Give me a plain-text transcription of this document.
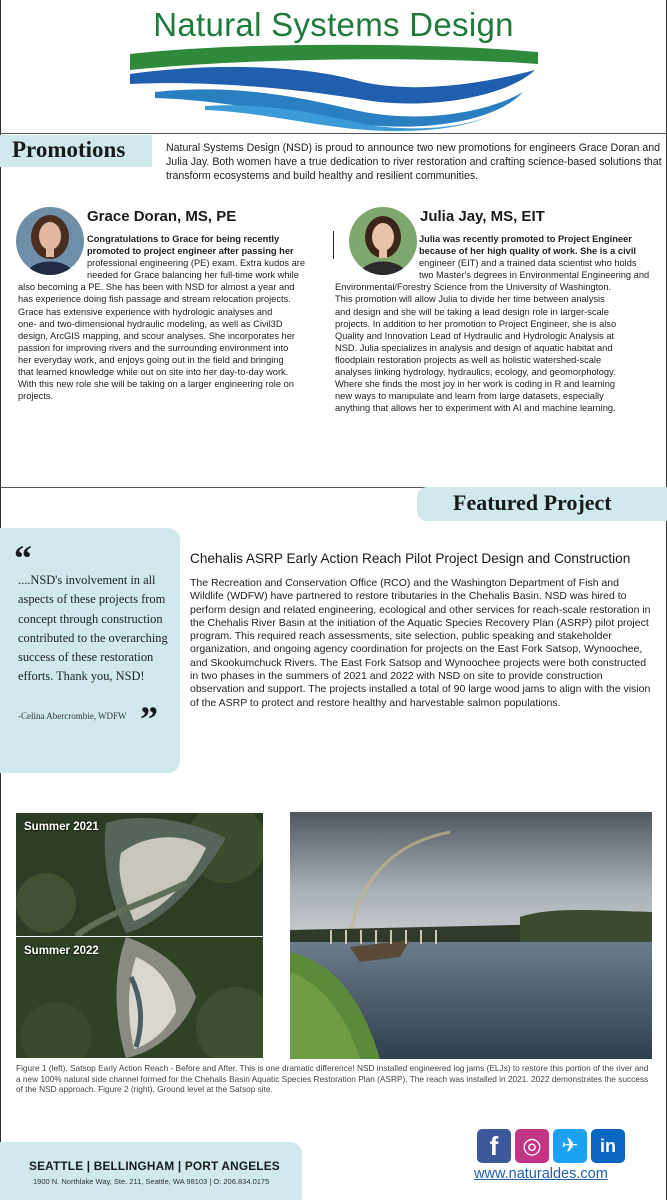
Natural Systems Design
Promotions	Natural Systems Design (NSD) is proud to announce two new promotions for engineers Grace Doran and Julia Jay. Both women have a true dedication to river restoration and crafting science-based solutions that transform ecosystems and build healthy and resilient communities.
Grace Doran, MS, PE
Congratulations to Grace for being recently
promoted to project engineer after passing her
professional engineering (PE) exam. Extra kudos are
needed for Grace balancing her full-time work while
also becoming a PE. She has been with NSD for almost a year and
has experience doing fish passage and stream relocation projects.
Grace has extensive experience with hydrologic analyses and
one- and two-dimensional hydraulic modeling, as well as Civil3D
design, ArcGIS mapping, and scour analyses. She incorporates her
passion for improving rivers and the surrounding environment into
her everyday work, and enjoys going out in the field and bringing
that learned knowledge while out on site into her day-to-day work.
With this new role she will be taking on a larger engineering role on
projects.
Julia Jay, MS, EIT
Julia was recently promoted to Project Engineer
because of her high quality of work. She is a civil
engineer (EIT) and a trained data scientist who holds
two Master's degrees in Environmental Engineering and
Environmental/Forestry Science from the University of Washington.
This promotion will allow Julia to divide her time between analysis
and design and she will be taking a lead design role in larger-scale
projects. In addition to her promotion to Project Engineer, she is also
Quality and Innovation Lead of Hydraulic and Hydrologic Analysis at
NSD. Julia specializes in analysis and design of aquatic habitat and
floodplain restoration projects as well as holistic watershed-scale
analyses linking hydrology, hydraulics, ecology, and geomorphology.
Where she finds the most joy in her work is coding in R and learning
new ways to manipulate and learn from large datasets, especially
anything that allows her to experiment with AI and machine learning.
Featured Project
“
....NSD's involvement in all aspects of these projects from concept through construction contributed to the overarching success of these restoration efforts. Thank you, NSD!
-Celina Abercrombie, WDFW ”
Chehalis ASRP Early Action Reach Pilot Project Design and Construction
The Recreation and Conservation Office (RCO) and the Washington Department of Fish and Wildlife (WDFW) have partnered to restore tributaries in the Chehalis Basin. NSD was hired to perform design and related engineering, ecological and other services for reach-scale restoration in the Chehalis River Basin at the initiation of the Aquatic Species Recovery Plan (ASRP) pilot project program. This required reach assessments, site selection, public speaking and stakeholder organization, and ongoing agency coordination for projects on the East Fork Satsop, Wynoochee, and Skookumchuck Rivers. The East Fork Satsop and Wynoochee projects were both constructed in two phases in the summers of 2021 and 2022 with NSD on site to provide construction observation and support. The projects installed a total of 90 large wood jams to align with the vision of the ASRP to protect and restore healthy and harvestable salmon populations.
Summer 2021
Summer 2022
Figure 1 (left). Satsop Early Action Reach - Before and After. This is one dramatic difference! NSD installed engineered log jams (ELJs) to restore this portion of the river and a new 100% natural side channel formed for the Chehalis Basin Aquatic Species Restoration Plan (ASRP). The reach was installed in 2021. 2022 demonstrates the success of the NSD approach. Figure 2 (right). Ground level at the Satsop site.
SEATTLE | BELLINGHAM | PORT ANGELES
1900 N. Northlake Way, Ste. 211, Seattle, WA 98103 | O: 206.834.0175
f	◎	✈	in
www.naturaldes.com
